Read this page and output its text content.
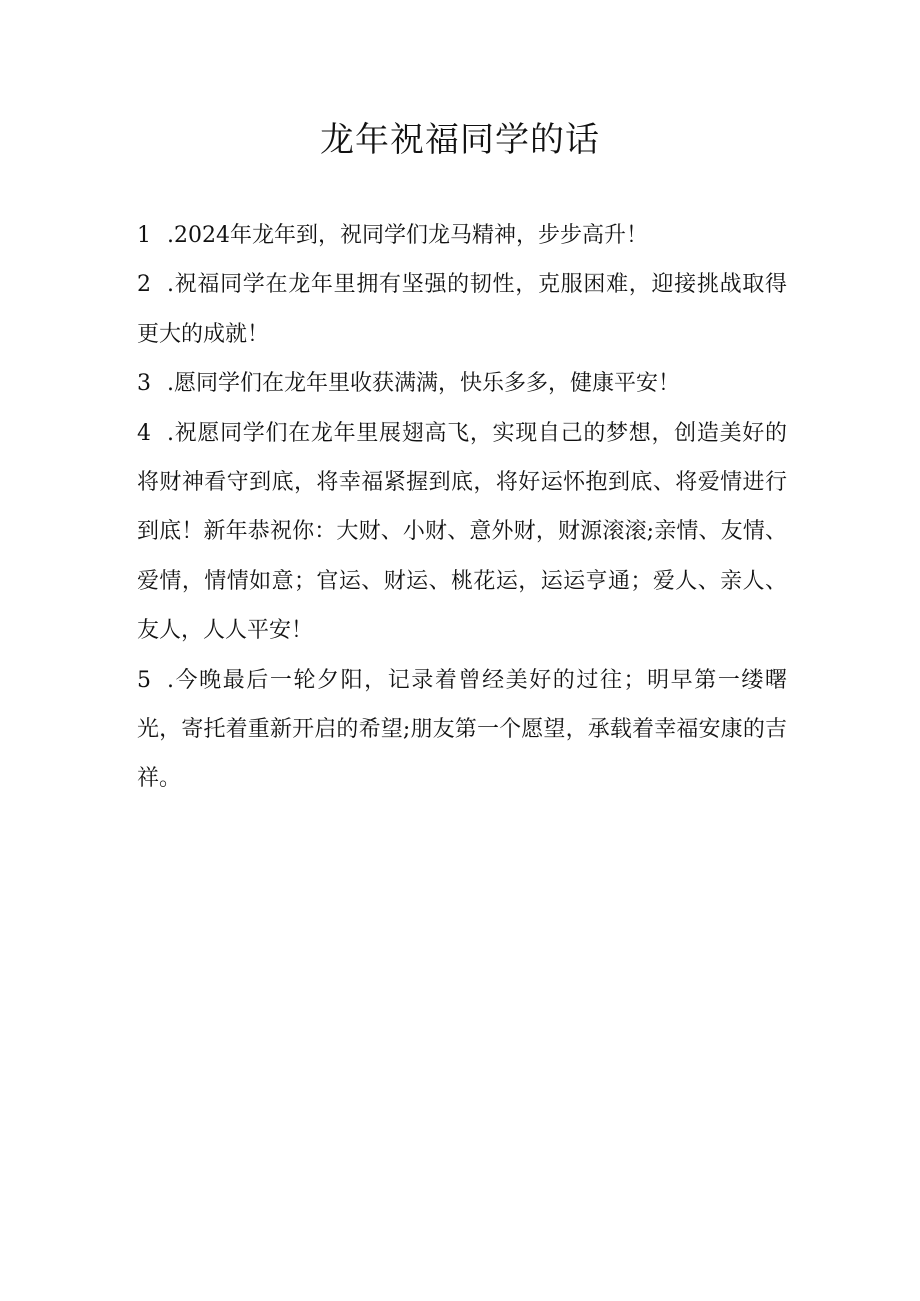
龙年祝福同学的话

1 .2024年龙年到，祝同学们龙马精神，步步高升！

2 .祝福同学在龙年里拥有坚强的韧性，克服困难，迎接挑战取得更大的成就！

3 .愿同学们在龙年里收获满满，快乐多多，健康平安！

4 .祝愿同学们在龙年里展翅高飞，实现自己的梦想，创造美好的将财神看守到底，将幸福紧握到底，将好运怀抱到底、将爱情进行到底！新年恭祝你：大财、小财、意外财，财源滚滚;亲情、友情、爱情，情情如意；官运、财运、桃花运，运运亨通；爱人、亲人、友人，人人平安！

5 .今晚最后一轮夕阳，记录着曾经美好的过往；明早第一缕曙光，寄托着重新开启的希望;朋友第一个愿望，承载着幸福安康的吉祥。
